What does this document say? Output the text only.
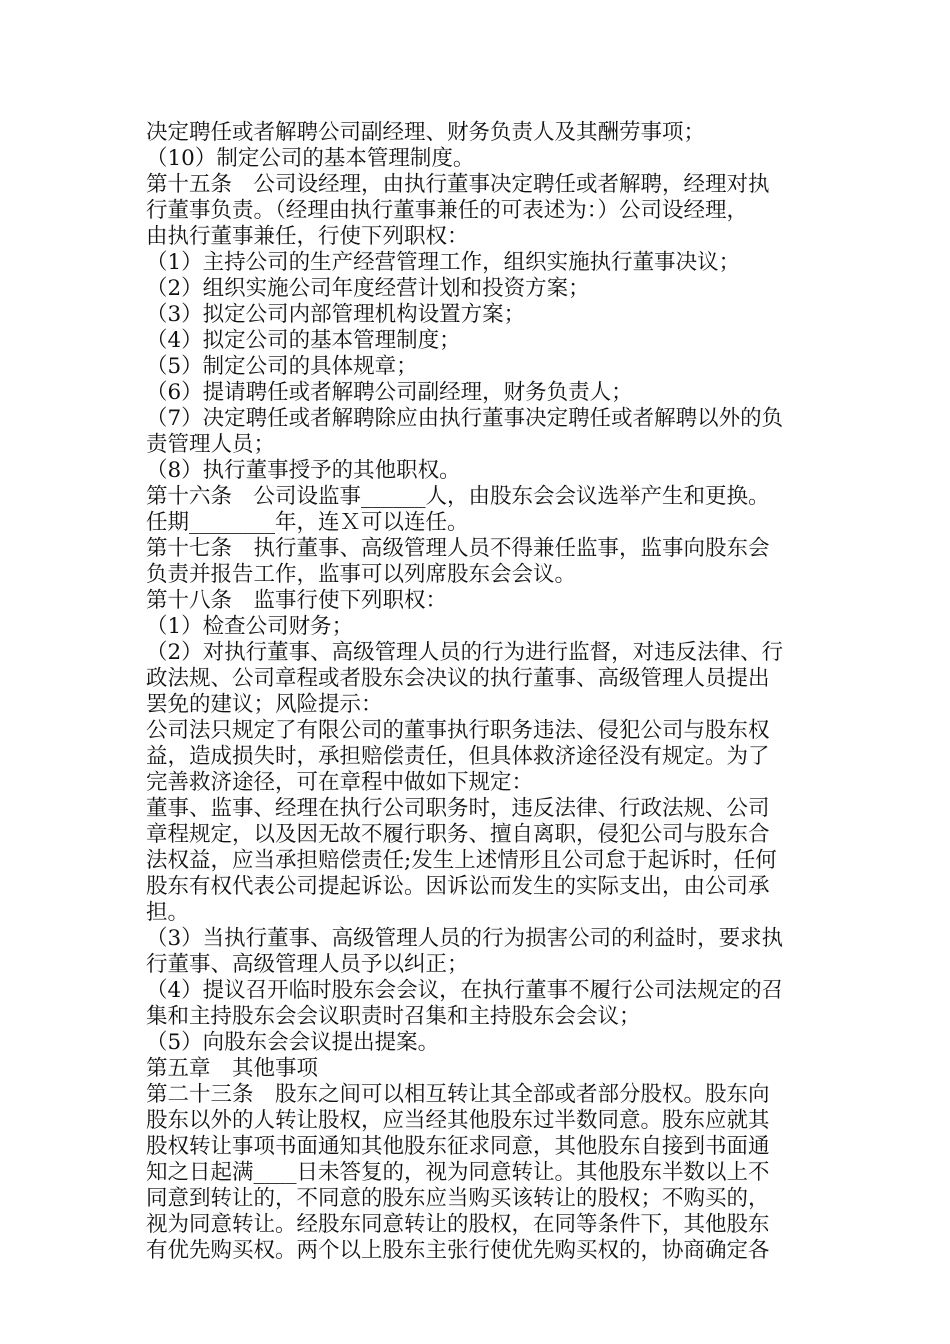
决定聘任或者解聘公司副经理、财务负责人及其酬劳事项；
（10）制定公司的基本管理制度。
第十五条　公司设经理，由执行董事决定聘任或者解聘，经理对执
行董事负责。（经理由执行董事兼任的可表述为：）公司设经理，
由执行董事兼任，行使下列职权：
（1）主持公司的生产经营管理工作，组织实施执行董事决议；
（2）组织实施公司年度经营计划和投资方案；
（3）拟定公司内部管理机构设置方案；
（4）拟定公司的基本管理制度；
（5）制定公司的具体规章；
（6）提请聘任或者解聘公司副经理，财务负责人；
（7）决定聘任或者解聘除应由执行董事决定聘任或者解聘以外的负
责管理人员；
（8）执行董事授予的其他职权。
第十六条　公司设监事______人，由股东会会议选举产生和更换。
任期________年，连Ｘ可以连任。
第十七条　执行董事、高级管理人员不得兼任监事，监事向股东会
负责并报告工作，监事可以列席股东会会议。
第十八条　监事行使下列职权：
（1）检查公司财务；
（2）对执行董事、高级管理人员的行为进行监督，对违反法律、行
政法规、公司章程或者股东会决议的执行董事、高级管理人员提出
罢免的建议；风险提示：
公司法只规定了有限公司的董事执行职务违法、侵犯公司与股东权
益，造成损失时，承担赔偿责任，但具体救济途径没有规定。为了
完善救济途径，可在章程中做如下规定：
董事、监事、经理在执行公司职务时，违反法律、行政法规、公司
章程规定，以及因无故不履行职务、擅自离职，侵犯公司与股东合
法权益，应当承担赔偿责任;发生上述情形且公司怠于起诉时，任何
股东有权代表公司提起诉讼。因诉讼而发生的实际支出，由公司承
担。
（3）当执行董事、高级管理人员的行为损害公司的利益时，要求执
行董事、高级管理人员予以纠正；
（4）提议召开临时股东会会议，在执行董事不履行公司法规定的召
集和主持股东会会议职责时召集和主持股东会会议；
（5）向股东会会议提出提案。
第五章　其他事项
第二十三条　股东之间可以相互转让其全部或者部分股权。股东向
股东以外的人转让股权，应当经其他股东过半数同意。股东应就其
股权转让事项书面通知其他股东征求同意，其他股东自接到书面通
知之日起满____日未答复的，视为同意转让。其他股东半数以上不
同意到转让的，不同意的股东应当购买该转让的股权；不购买的，
视为同意转让。经股东同意转让的股权，在同等条件下，其他股东
有优先购买权。两个以上股东主张行使优先购买权的，协商确定各
